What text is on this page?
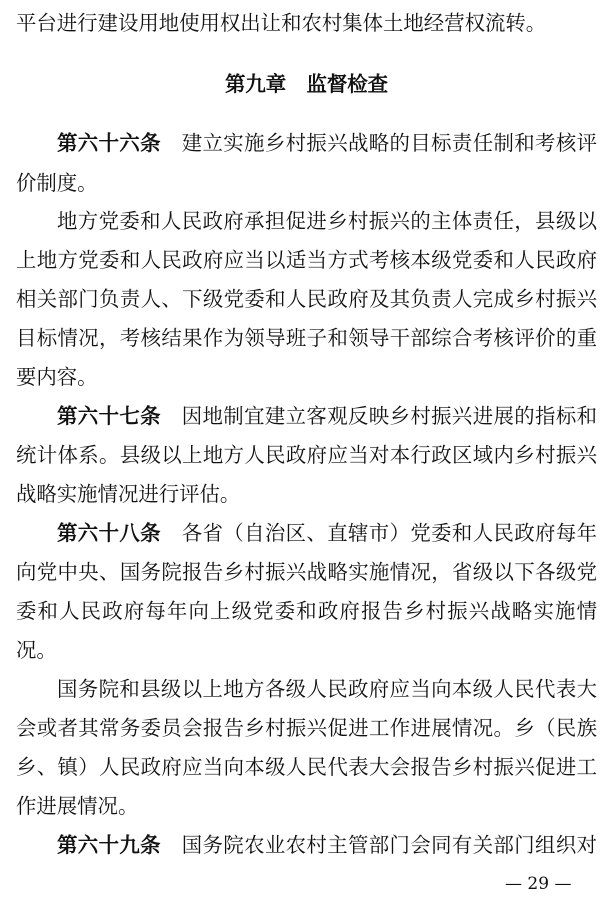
平台进行建设用地使用权出让和农村集体土地经营权流转。
第九章　监督检查
第六十六条　 建立实施乡村振兴战略的目标责任制和考核评
价制度。
地方党委和人民政府承担促进乡村振兴的主体责任，县级以
上地方党委和人民政府应当以适当方式考核本级党委和人民政府
相关部门负责人、下级党委和人民政府及其负责人完成乡村振兴
目标情况，考核结果作为领导班子和领导干部综合考核评价的重
要内容。
第六十七条　 因地制宜建立客观反映乡村振兴进展的指标和
统计体系。县级以上地方人民政府应当对本行政区域内乡村振兴
战略实施情况进行评估。
第六十八条　 各省（自治区、直辖市）党委和人民政府每年
向党中央、国务院报告乡村振兴战略实施情况，省级以下各级党
委和人民政府每年向上级党委和政府报告乡村振兴战略实施情
况。
国务院和县级以上地方各级人民政府应当向本级人民代表大
会或者其常务委员会报告乡村振兴促进工作进展情况。乡（民族
乡、镇）人民政府应当向本级人民代表大会报告乡村振兴促进工
作进展情况。
第六十九条　 国务院农业农村主管部门会同有关部门组织对
— 29 —
